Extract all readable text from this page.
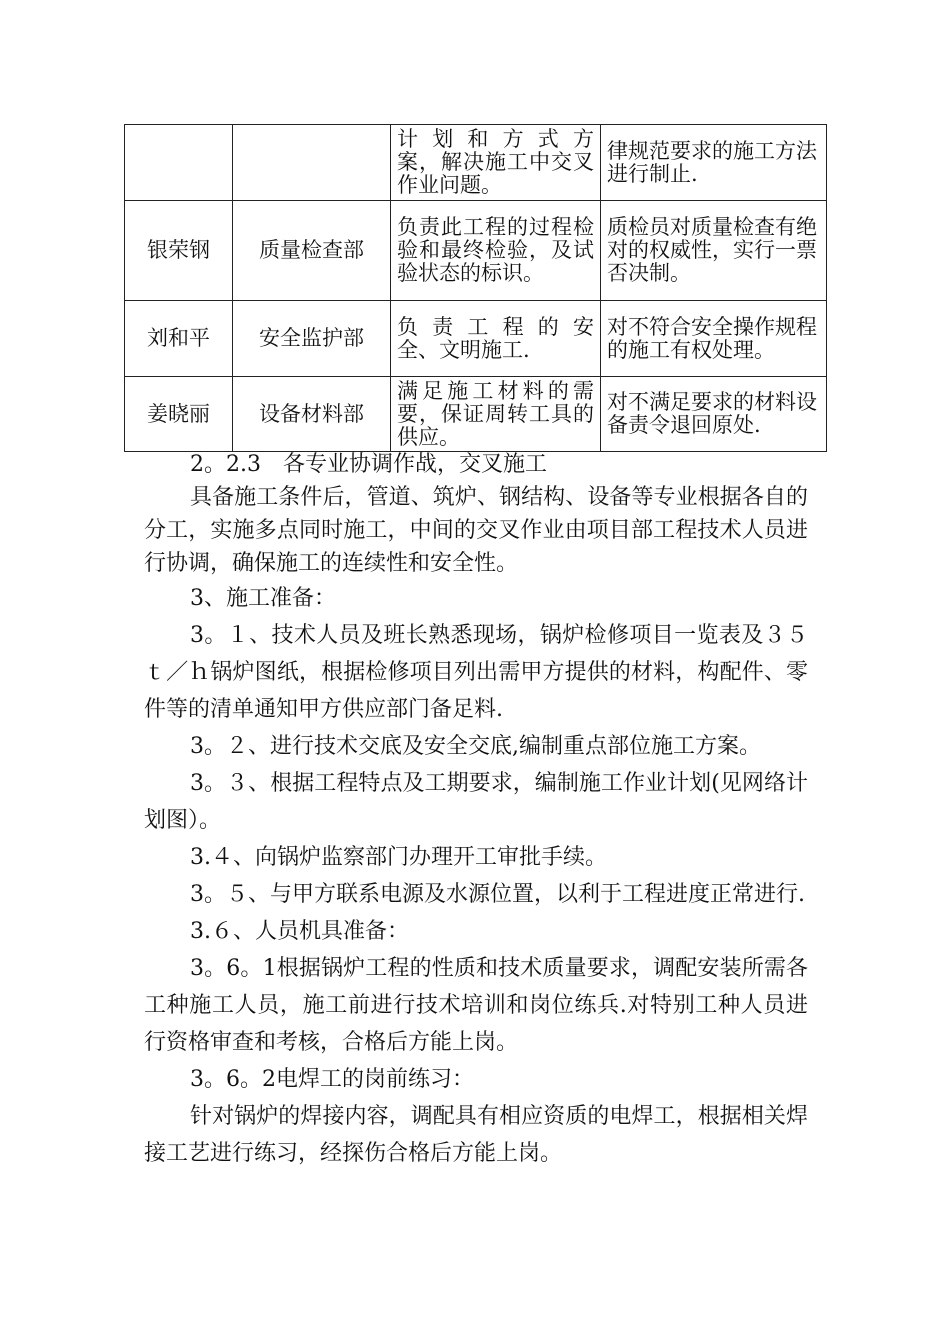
		计 划 和 方 式 方案，解决施工中交叉作业问题。	律规范要求的施工方法进行制止.
银荣钢	质量检查部	负责此工程的过程检验和最终检验，及试验状态的标识。	质检员对质量检查有绝对的权威性，实行一票否决制。
刘和平	安全监护部	负 责 工 程 的 安全、文明施工.	对不符合安全操作规程的施工有权处理。
姜晓丽	设备材料部	满足施工材料的需要，保证周转工具的供应。	对不满足要求的材料设备责令退回原处.

2。2.3　各专业协调作战，交叉施工

具备施工条件后，管道、筑炉、钢结构、设备等专业根据各自的分工，实施多点同时施工，中间的交叉作业由项目部工程技术人员进行协调，确保施工的连续性和安全性。

3、施工准备：

3。１、技术人员及班长熟悉现场，锅炉检修项目一览表及３５ｔ／ｈ锅炉图纸，根据检修项目列出需甲方提供的材料，构配件、零件等的清单通知甲方供应部门备足料.

3。２、进行技术交底及安全交底,编制重点部位施工方案。

3。３、根据工程特点及工期要求，编制施工作业计划(见网络计划图）。

3.４、向锅炉监察部门办理开工审批手续。

3。５、与甲方联系电源及水源位置，以利于工程进度正常进行.

3.６、人员机具准备：

3。6。1根据锅炉工程的性质和技术质量要求，调配安装所需各工种施工人员，施工前进行技术培训和岗位练兵.对特别工种人员进行资格审查和考核，合格后方能上岗。

3。6。2电焊工的岗前练习：

针对锅炉的焊接内容，调配具有相应资质的电焊工，根据相关焊接工艺进行练习，经探伤合格后方能上岗。
